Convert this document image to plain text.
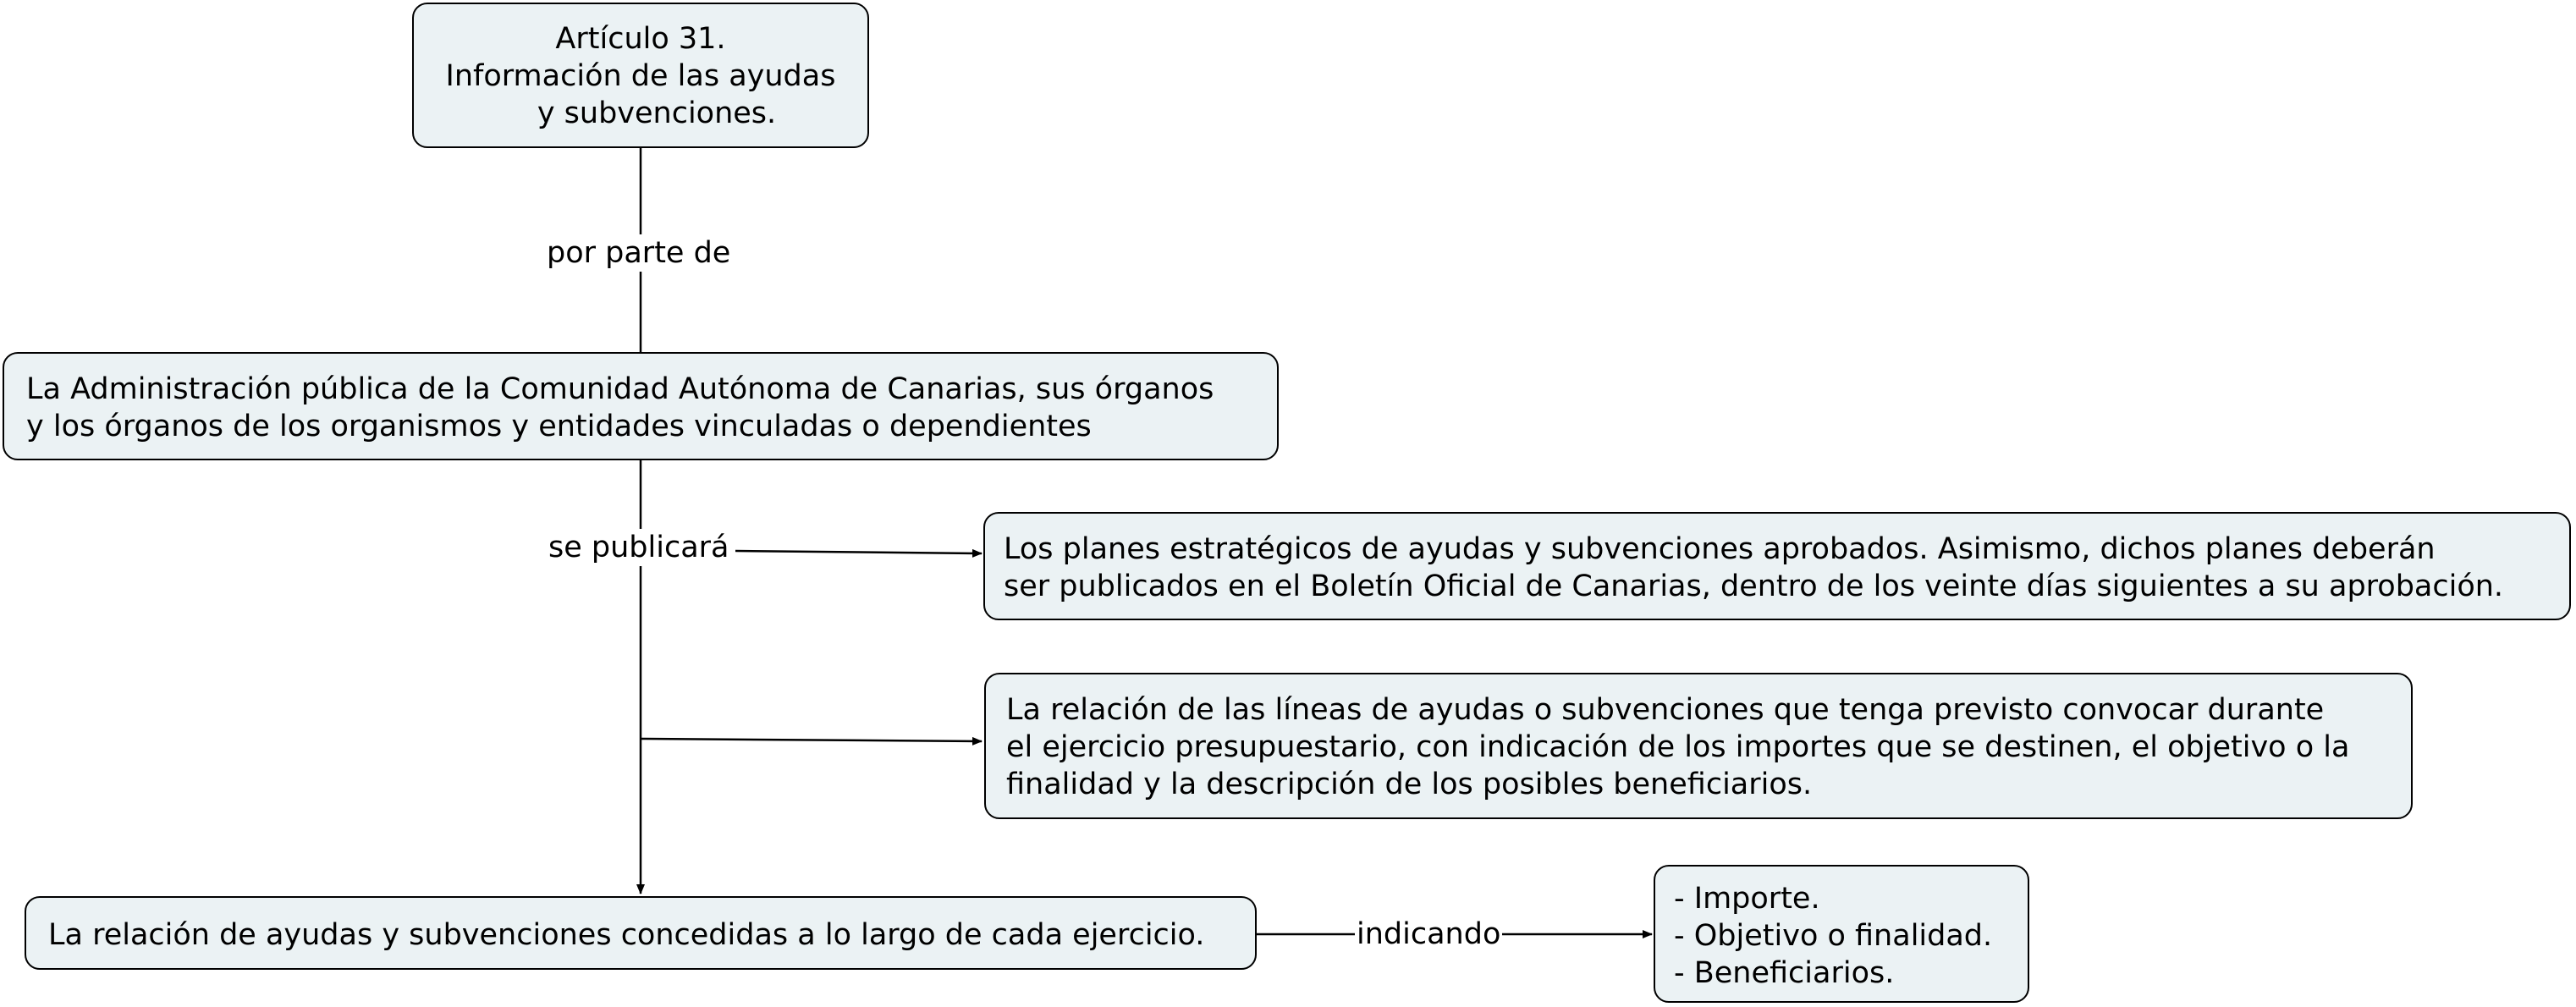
Artículo 31.
Información de las ayudas
y subvenciones.
La Administración pública de la Comunidad Autónoma de Canarias, sus órganos
y los órganos de los organismos y entidades vinculadas o dependientes
Los planes estratégicos de ayudas y subvenciones aprobados. Asimismo, dichos planes deberán
ser publicados en el Boletín Oficial de Canarias, dentro de los veinte días siguientes a su aprobación.
La relación de las líneas de ayudas o subvenciones que tenga previsto convocar durante
el ejercicio presupuestario, con indicación de los importes que se destinen, el objetivo o la
finalidad y la descripción de los posibles beneficiarios.
La relación de ayudas y subvenciones concedidas a lo largo de cada ejercicio.
- Importe.
- Objetivo o finalidad.
- Beneficiarios.
por parte de
se publicará
indicando
